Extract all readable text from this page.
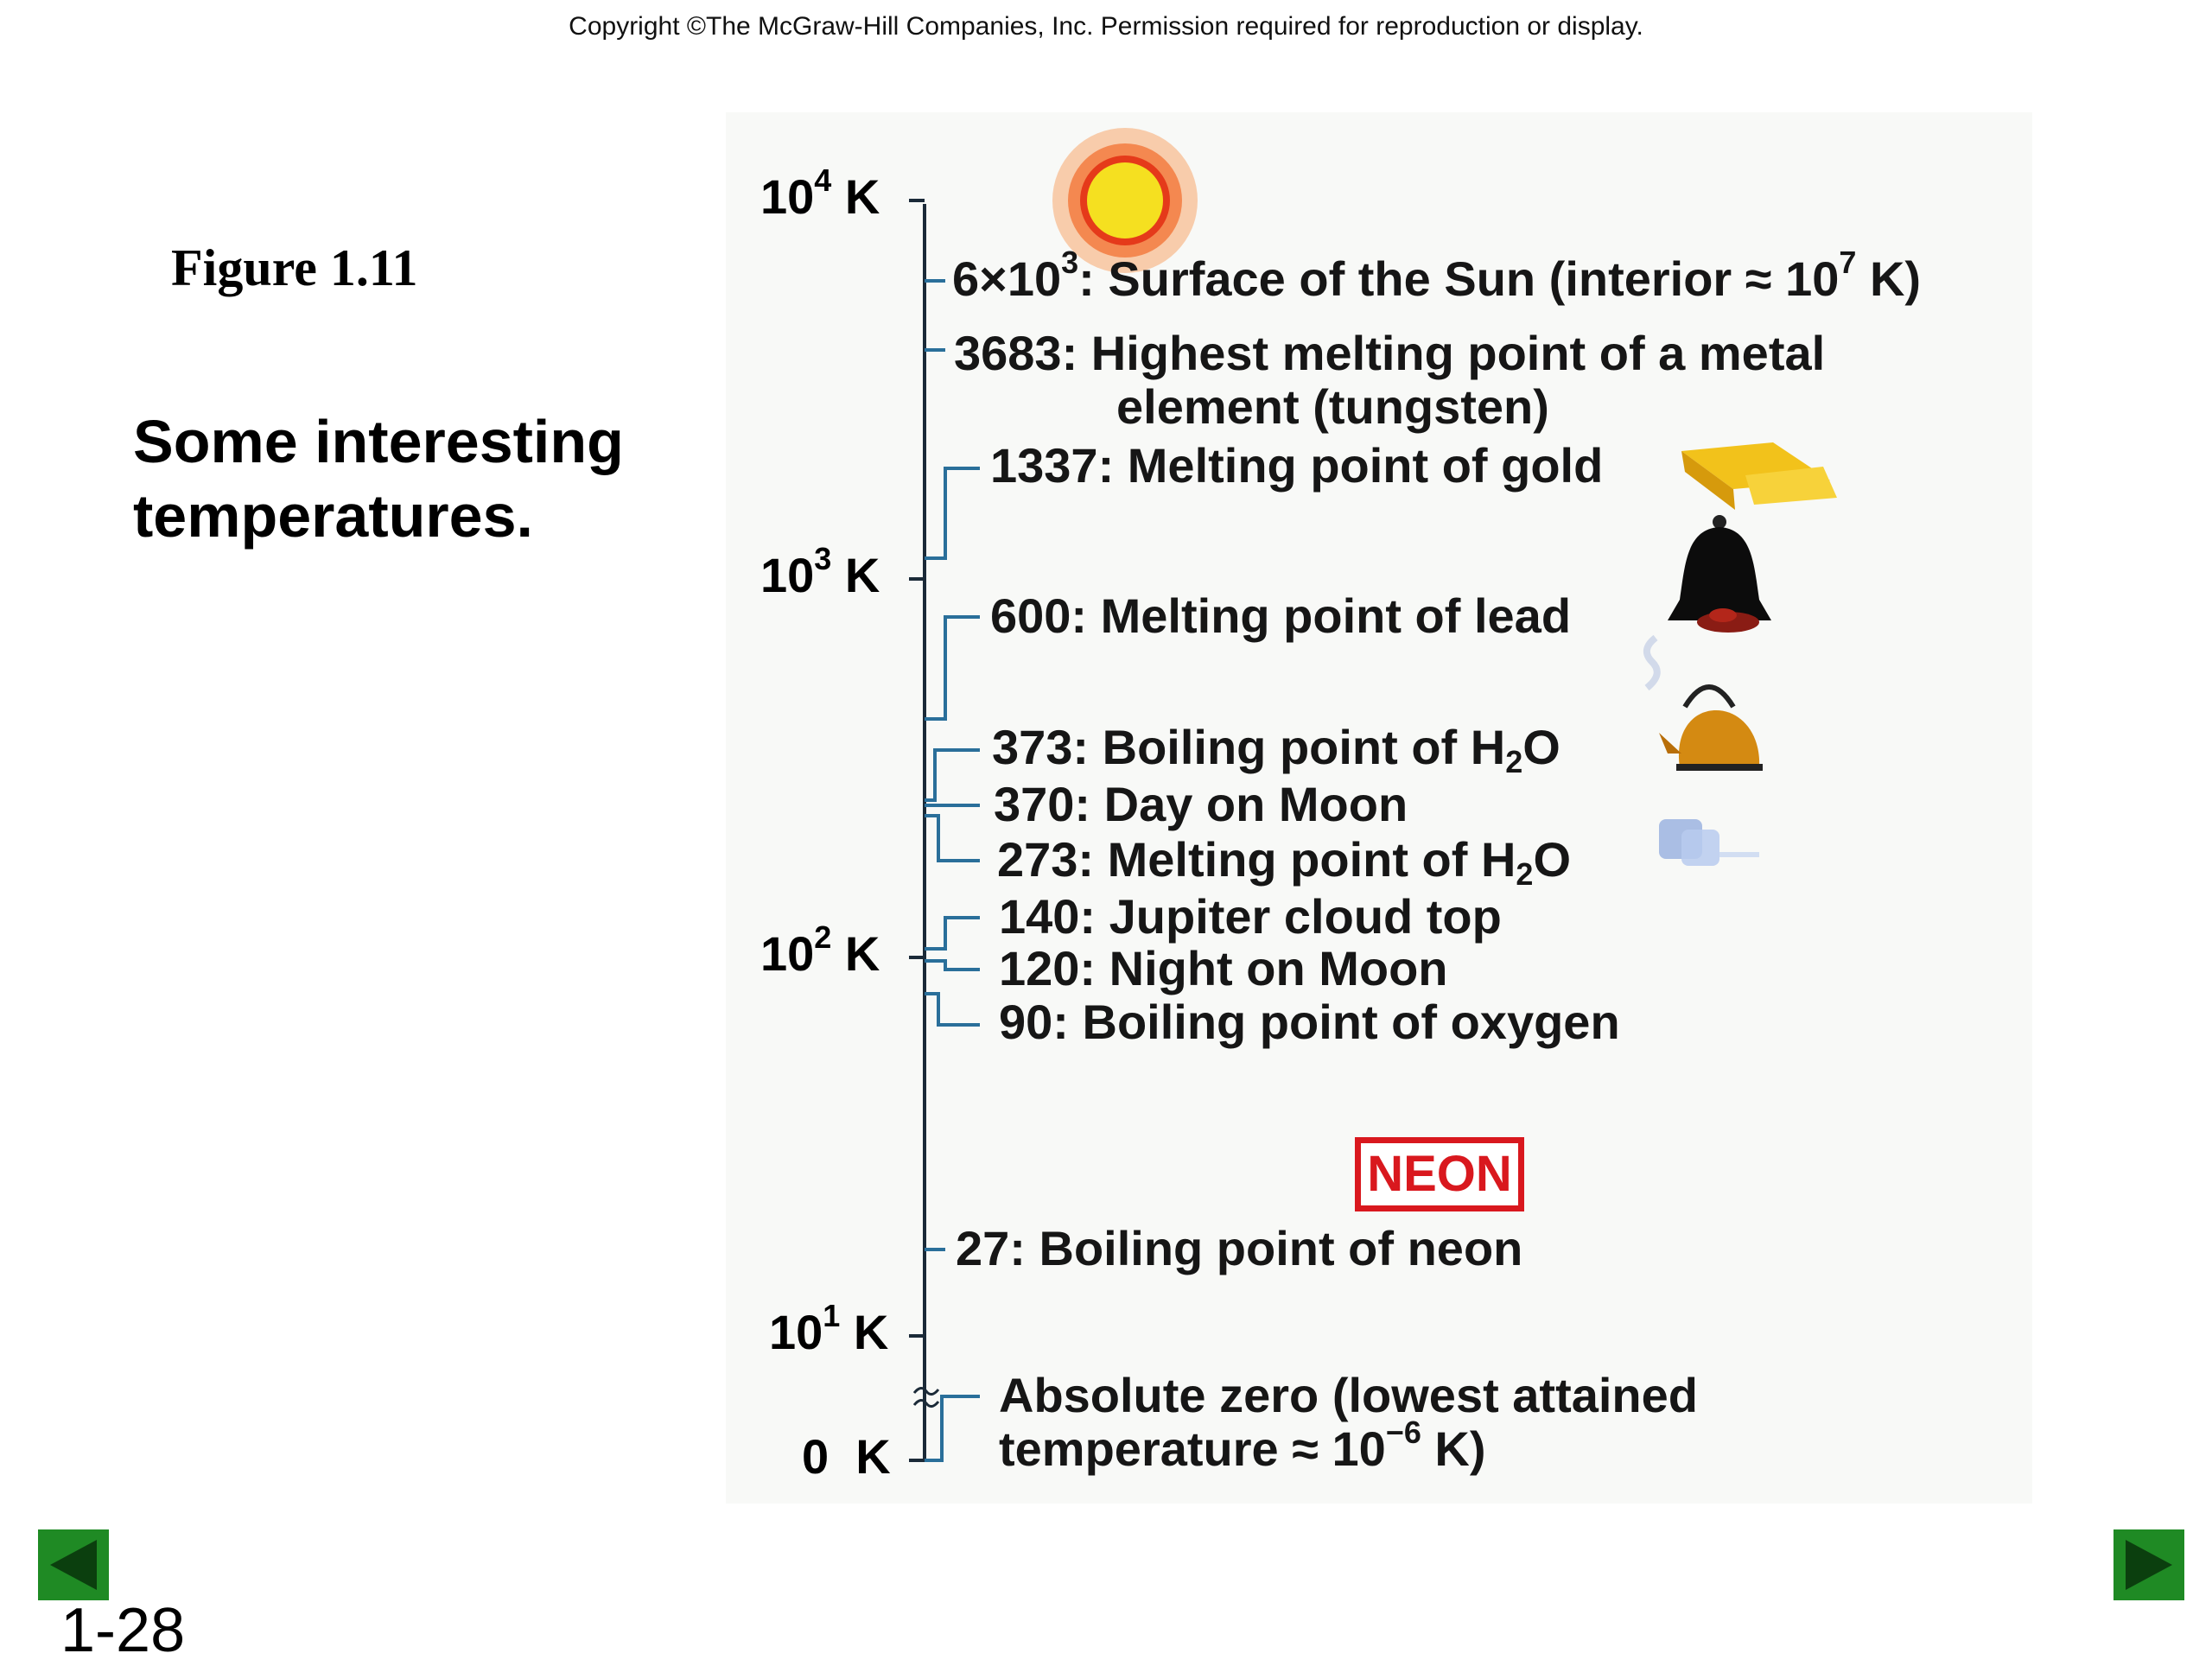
Copyright ©The McGraw-Hill Companies, Inc. Permission required for reproduction or display.
Figure 1.11
Some interesting temperatures.
$10^4$ K
$10^3$ K
$10^2$ K
$10^1$ K
0  K
$6\times 10^3$: Surface of the Sun (interior ≈ $10^7$ K)
3683: Highest melting point of a metal
element (tungsten)
1337: Melting point of gold
600: Melting point of lead
373: Boiling point of $H_2O$
370: Day on Moon
273: Melting point of $H_2O$
140: Jupiter cloud top
120: Night on Moon
90: Boiling point of oxygen
27: Boiling point of neon
Absolute zero (lowest attained
temperature ≈ $10^{-6}$ K)
NEON
1-28
